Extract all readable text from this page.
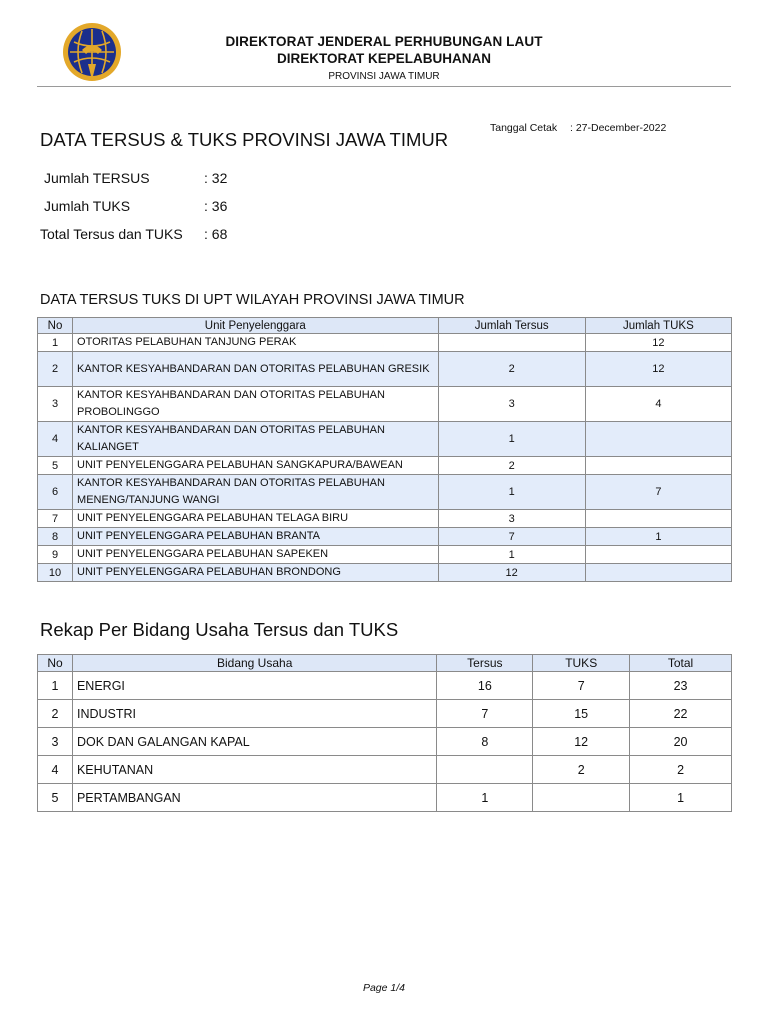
DIREKTORAT JENDERAL PERHUBUNGAN LAUT
DIREKTORAT KEPELABUHANAN
PROVINSI JAWA TIMUR
DATA TERSUS & TUKS PROVINSI JAWA TIMUR
Tanggal Cetak : 27-December-2022
Jumlah TERSUS	: 32
Jumlah TUKS	: 36
Total Tersus dan TUKS : 68
DATA TERSUS TUKS DI UPT WILAYAH PROVINSI JAWA TIMUR
No	Unit Penyelenggara	Jumlah Tersus	Jumlah TUKS
1	OTORITAS PELABUHAN TANJUNG PERAK		12
2	KANTOR KESYAHBANDARAN DAN OTORITAS PELABUHAN GRESIK	2	12
3	KANTOR KESYAHBANDARAN DAN OTORITAS PELABUHAN PROBOLINGGO	3	4
4	KANTOR KESYAHBANDARAN DAN OTORITAS PELABUHAN KALIANGET	1	
5	UNIT PENYELENGGARA PELABUHAN SANGKAPURA/BAWEAN	2	
6	KANTOR KESYAHBANDARAN DAN OTORITAS PELABUHAN MENENG/TANJUNG WANGI	1	7
7	UNIT PENYELENGGARA PELABUHAN TELAGA BIRU	3	
8	UNIT PENYELENGGARA PELABUHAN BRANTA	7	1
9	UNIT PENYELENGGARA PELABUHAN SAPEKEN	1	
10	UNIT PENYELENGGARA PELABUHAN BRONDONG	12	
Rekap Per Bidang Usaha Tersus dan TUKS
No	Bidang Usaha	Tersus	TUKS	Total
1	ENERGI	16	7	23
2	INDUSTRI	7	15	22
3	DOK DAN GALANGAN KAPAL	8	12	20
4	KEHUTANAN		2	2
5	PERTAMBANGAN	1		1
Page 1/4
